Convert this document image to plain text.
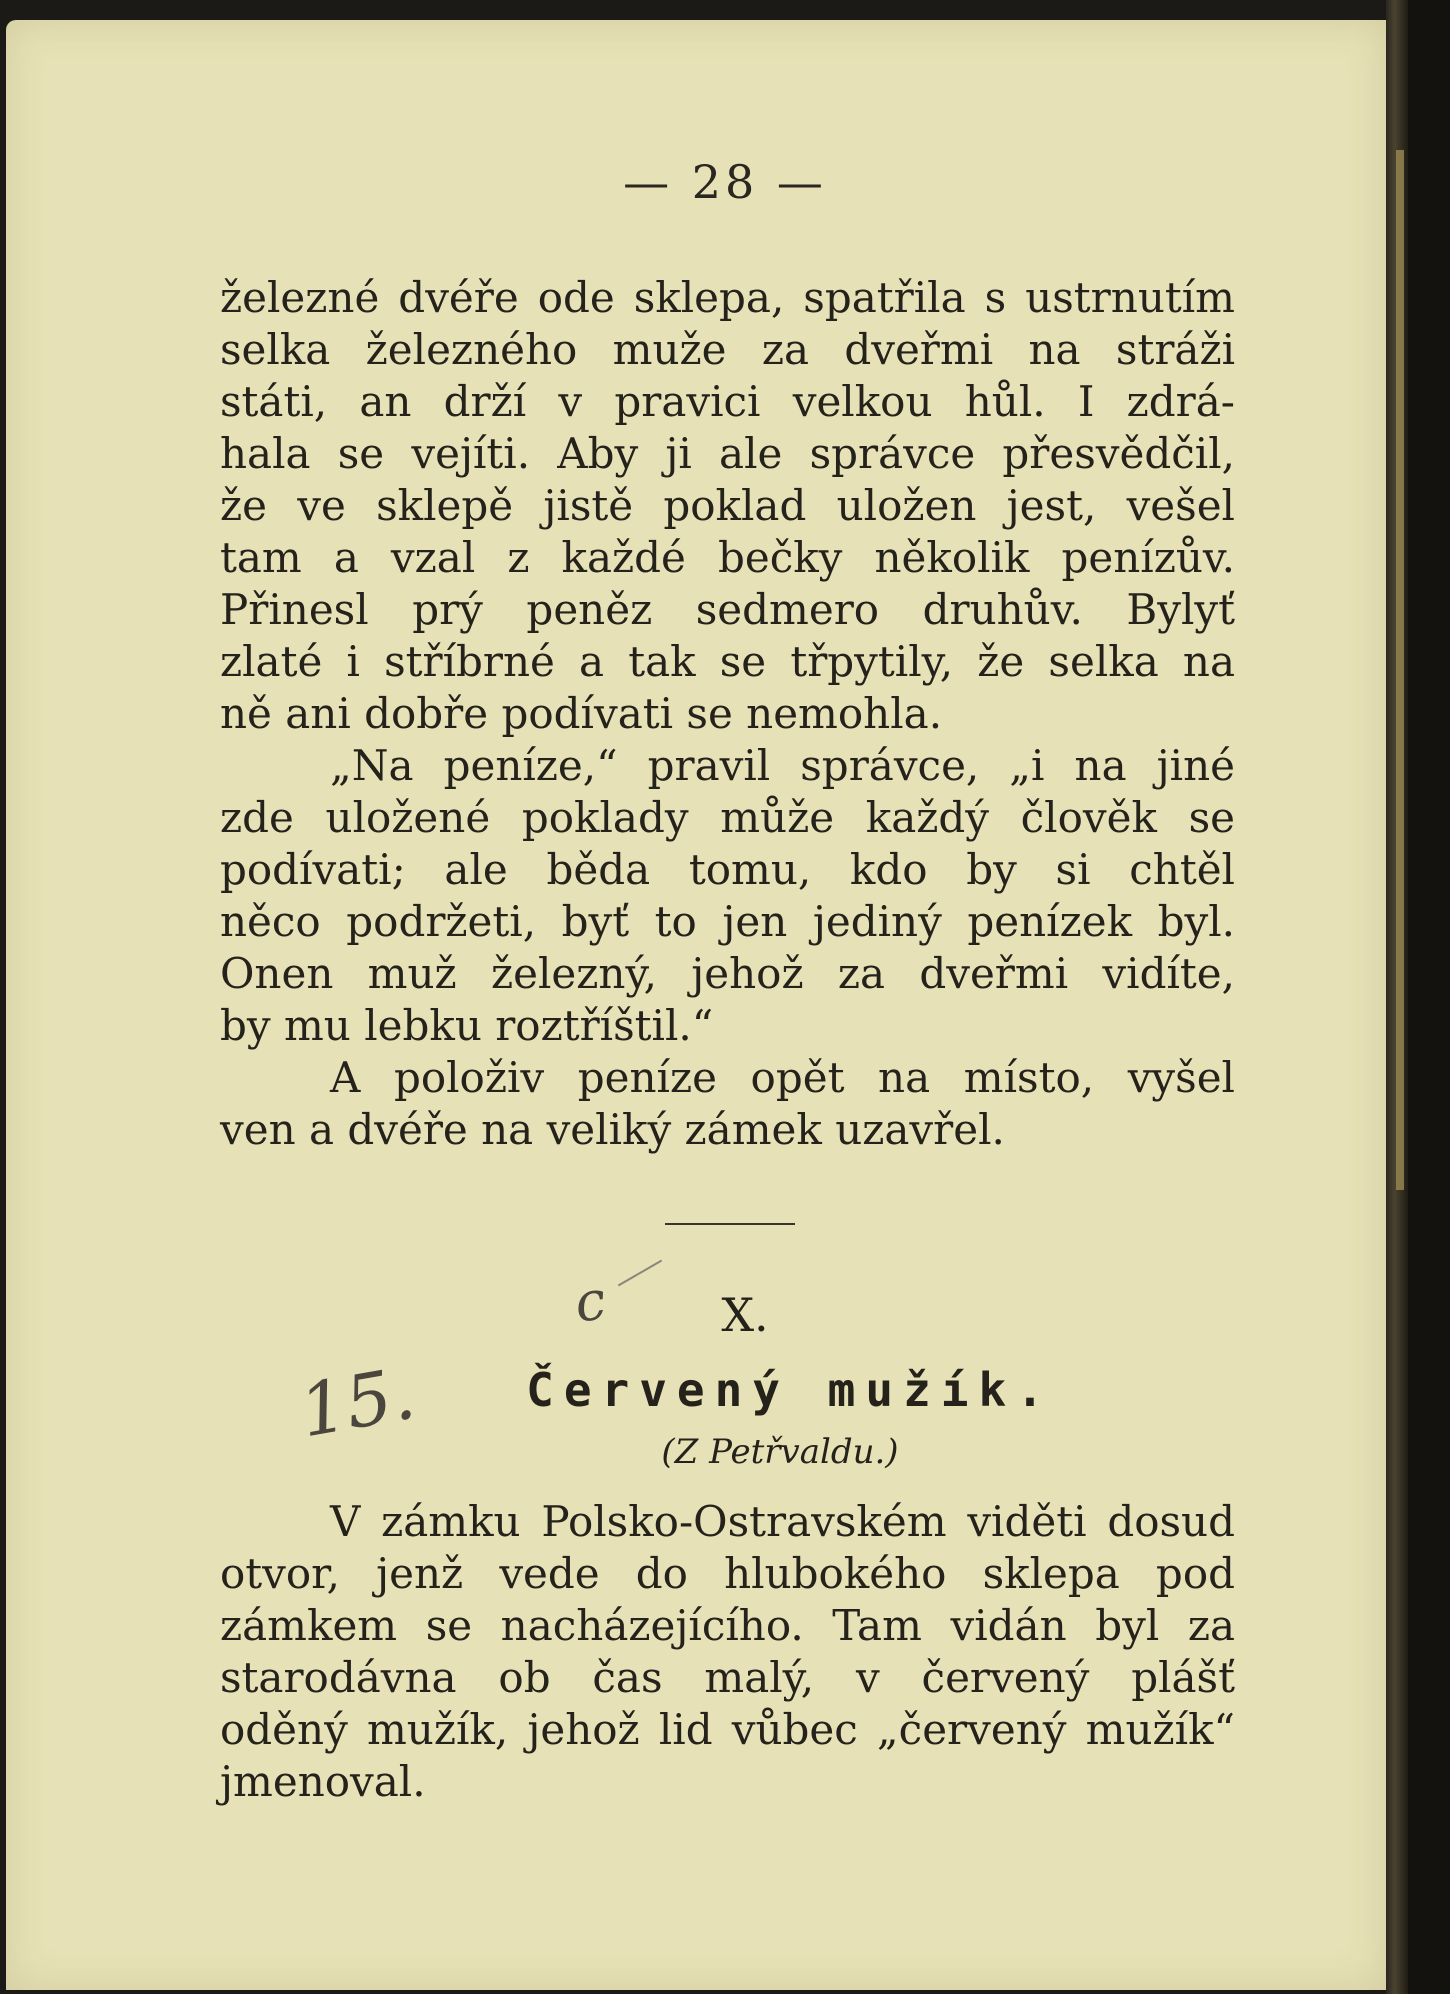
— 28 —
železné dvéře ode sklepa, spatřila s ustrnutím
selka železného muže za dveřmi na stráži
státi, an drží v pravici velkou hůl. I zdrá-
hala se vejíti. Aby ji ale správce přesvědčil,
že ve sklepě jistě poklad uložen jest, vešel
tam a vzal z každé bečky několik penízův.
Přinesl prý peněz sedmero druhův. Bylyť
zlaté i stříbrné a tak se třpytily, že selka na
ně ani dobře podívati se nemohla.
„Na peníze,“ pravil správce, „i na jiné
zde uložené poklady může každý člověk se
podívati; ale běda tomu, kdo by si chtěl
něco podržeti, byť to jen jediný penízek byl.
Onen muž železný, jehož za dveřmi vidíte,
by mu lebku roztříštil.“
A položiv peníze opět na místo, vyšel
ven a dvéře na veliký zámek uzavřel.
c	X.
15.	Červený mužík.
(Z Petřvaldu.)
V zámku Polsko-Ostravském viděti dosud
otvor, jenž vede do hlubokého sklepa pod
zámkem se nacházejícího. Tam vidán byl za
starodávna ob čas malý, v červený plášť
oděný mužík, jehož lid vůbec „červený mužík“
jmenoval.
